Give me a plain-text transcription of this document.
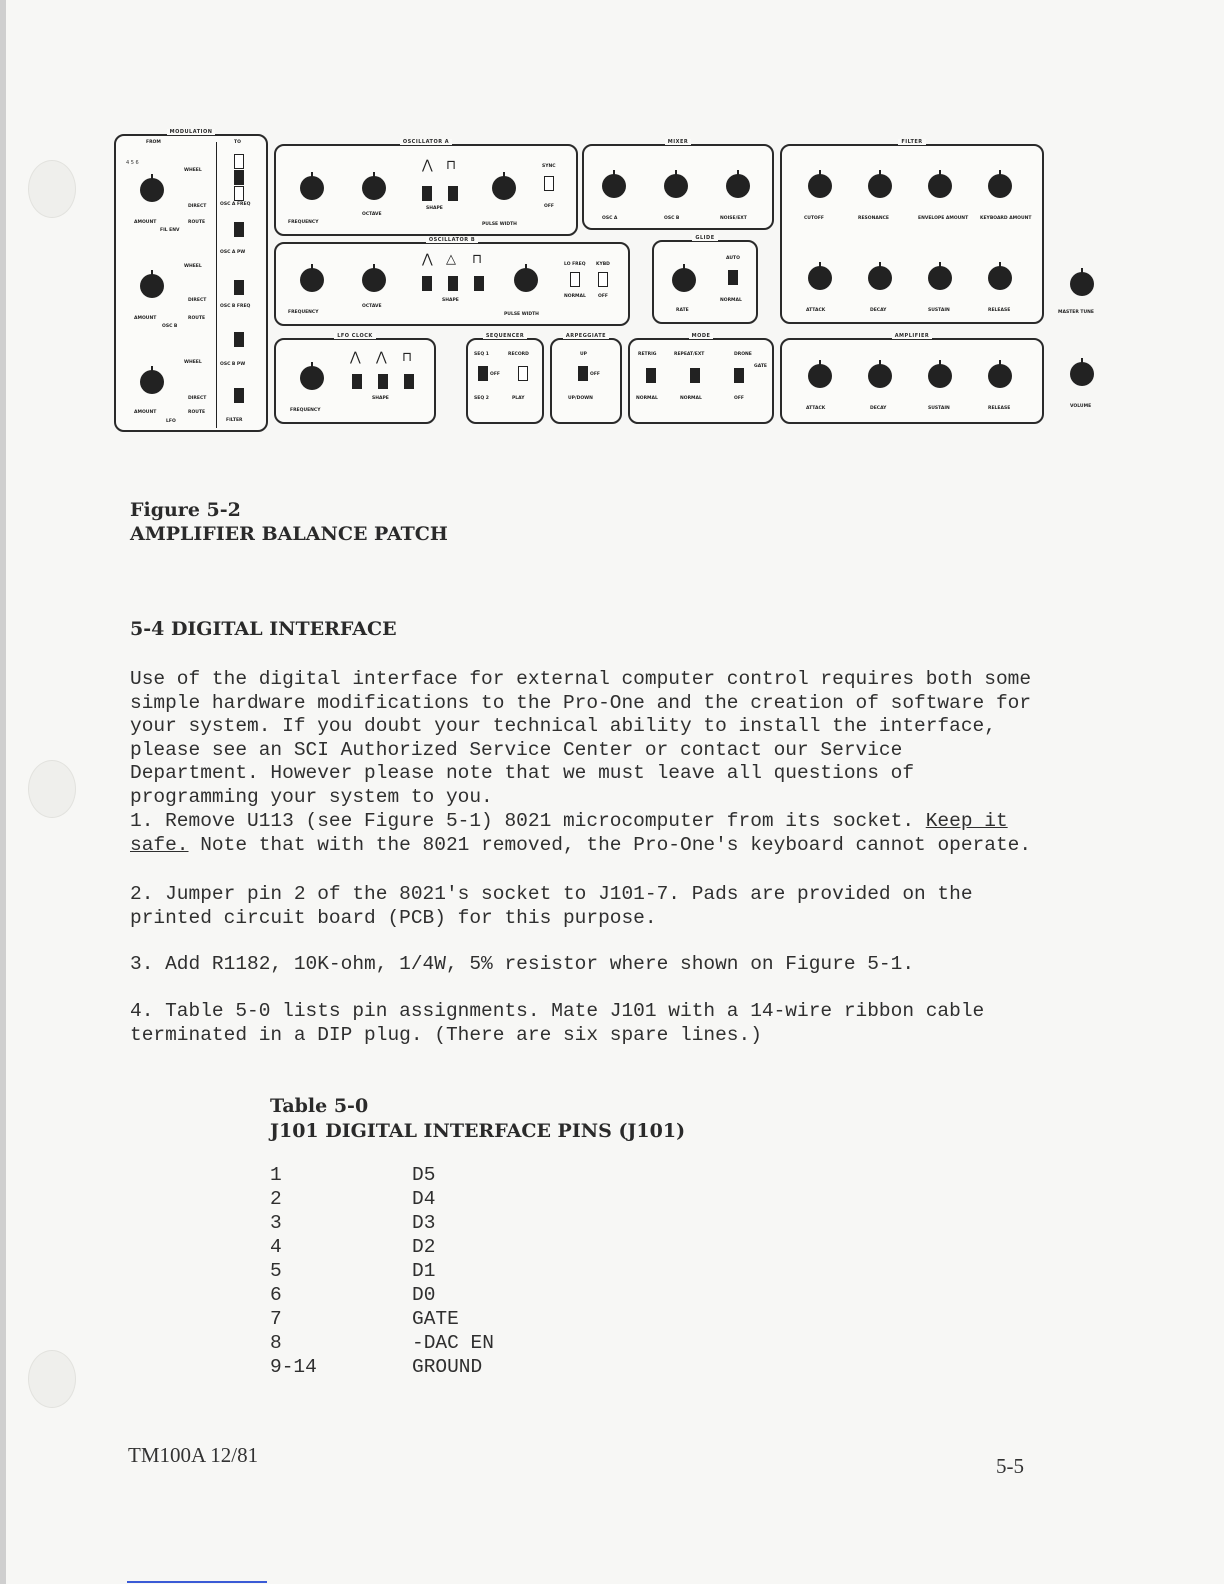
MODULATION
FROM	TO
4 5 6
WHEEL
DIRECT
AMOUNT	ROUTE
FIL ENV
WHEEL
DIRECT
AMOUNT	ROUTE
OSC B
WHEEL
DIRECT
AMOUNT	ROUTE
LFO
OSC A FREQ
OSC A PW
OSC B FREQ
OSC B PW
FILTER
OSCILLATOR A
FREQUENCY
OCTAVE
⋀ ⊓
SHAPE
PULSE WIDTH
SYNC
OFF
OSCILLATOR B
FREQUENCY
OCTAVE
⋀ △ ⊓
SHAPE
PULSE WIDTH
LO FREQ KYBD
NORMAL	OFF
LFO CLOCK
FREQUENCY
⋀ ⋀ ⊓
SHAPE
SEQUENCER
SEQ 1	RECORD
OFF
SEQ 2	PLAY
ARPEGGIATE
UP
OFF
UP/DOWN
MIXER
OSC A	OSC B	NOISE/EXT
GLIDE
RATE
AUTO
NORMAL
MODE
RETRIG	REPEAT/EXT	DRONE
GATE
NORMAL	NORMAL	OFF
FILTER
CUTOFF	RESONANCE	ENVELOPE AMOUNT	KEYBOARD AMOUNT
ATTACK	DECAY	SUSTAIN	RELEASE
AMPLIFIER
ATTACK	DECAY	SUSTAIN	RELEASE
MASTER TUNE
VOLUME
Figure 5-2
AMPLIFIER BALANCE PATCH
5-4 DIGITAL INTERFACE
Use of the digital interface for external computer control requires both some simple hardware modifications to the Pro-One and the creation of software for your system. If you doubt your technical ability to install the interface, please see an SCI Authorized Service Center or contact our Service Department. However please note that we must leave all questions of programming your system to you.
1. Remove U113 (see Figure 5-1) 8021 microcomputer from its socket. Keep it safe. Note that with the 8021 removed, the Pro-One's keyboard cannot operate.
2. Jumper pin 2 of the 8021's socket to J101-7. Pads are provided on the printed circuit board (PCB) for this purpose.
3. Add R1182, 10K-ohm, 1/4W, 5% resistor where shown on Figure 5-1.
4. Table 5-0 lists pin assignments. Mate J101 with a 14-wire ribbon cable terminated in a DIP plug. (There are six spare lines.)
Table 5-0
J101 DIGITAL INTERFACE PINS (J101)
1	D5
2	D4
3	D3
4	D2
5	D1
6	D0
7	GATE
8	-DAC EN
9-14	GROUND
TM100A 12/81	5-5
